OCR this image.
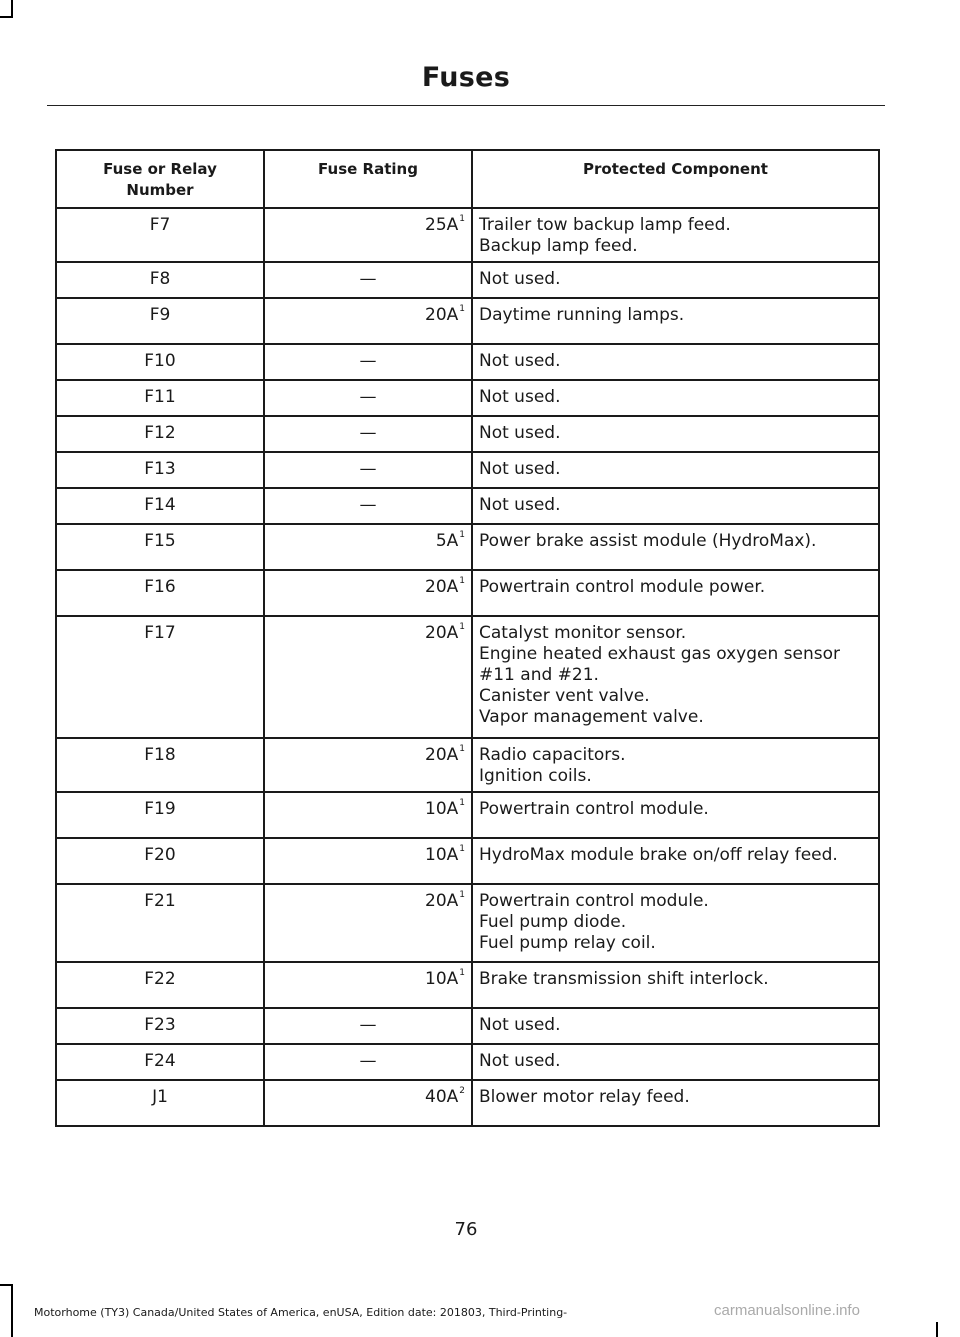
Fuses
Fuse or Relay Number	Fuse Rating	Protected Component
F7	$25A^1$	Trailer tow backup lamp feed.
Backup lamp feed.

F8	—	Not used.

F9	$20A^1$	Daytime running lamps.

F10	—	Not used.

F11	—	Not used.

F12	—	Not used.

F13	—	Not used.

F14	—	Not used.

F15	$5A^1$	Power brake assist module (HydroMax).

F16	$20A^1$	Powertrain control module power.

F17	$20A^1$	Catalyst monitor sensor.
Engine heated exhaust gas oxygen sensor
#11 and #21.
Canister vent valve.
Vapor management valve.

F18	$20A^1$	Radio capacitors.
Ignition coils.

F19	$10A^1$	Powertrain control module.

F20	$10A^1$	HydroMax module brake on/off relay feed.

F21	$20A^1$	Powertrain control module.
Fuel pump diode.
Fuel pump relay coil.

F22	$10A^1$	Brake transmission shift interlock.

F23	—	Not used.

F24	—	Not used.

J1	$40A^2$	Blower motor relay feed.
76
Motorhome (TY3) Canada/United States of America, enUSA, Edition date: 201803, Third-Printing-	carmanualsonline.info
